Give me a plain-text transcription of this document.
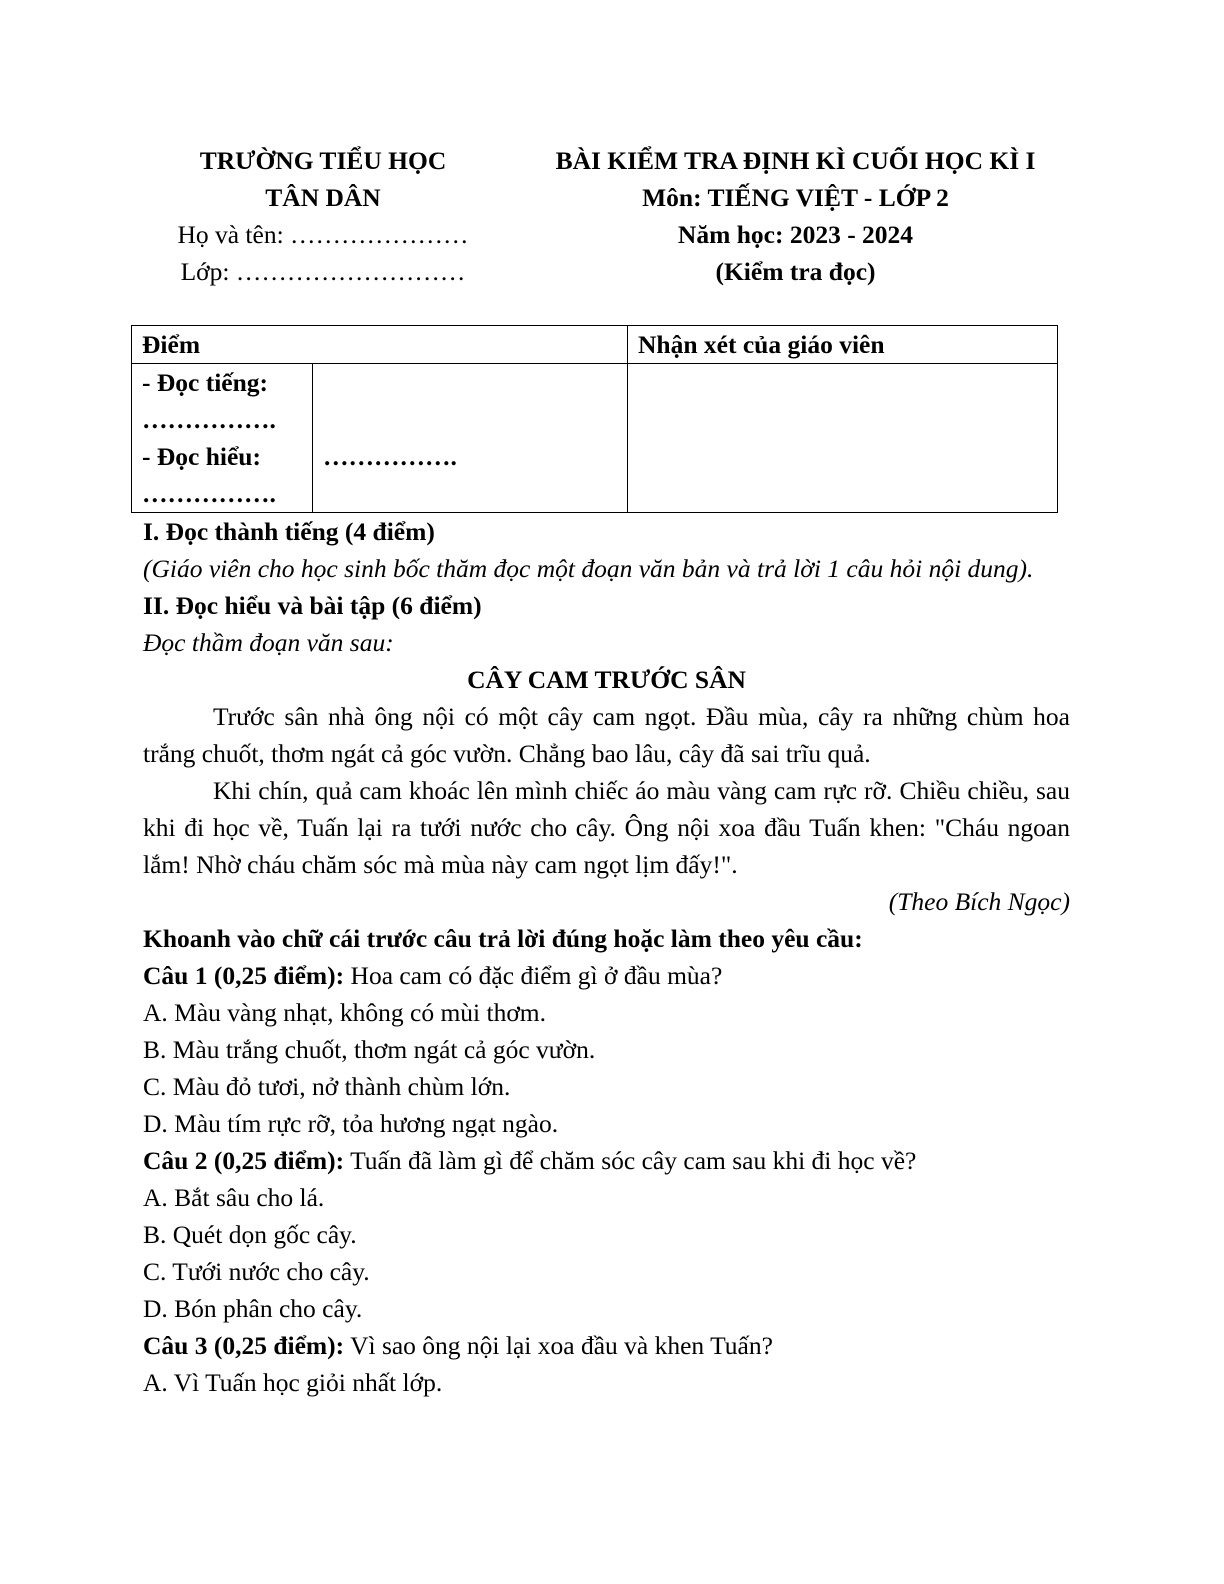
TRƯỜNG TIỂU HỌC
TÂN DÂN
Họ và tên: …………………
Lớp: ………………………
BÀI KIỂM TRA ĐỊNH KÌ CUỐI HỌC KÌ I
Môn: TIẾNG VIỆT - LỚP 2
Năm học: 2023 - 2024
(Kiểm tra đọc)
Điểm		Nhận xét của giáo viên

- Đọc tiếng:
…………….
- Đọc hiểu:
…………….	…………….	

I. Đọc thành tiếng (4 điểm)

(Giáo viên cho học sinh bốc thăm đọc một đoạn văn bản và trả lời 1 câu hỏi nội dung).

II. Đọc hiểu và bài tập (6 điểm)

Đọc thầm đoạn văn sau:

CÂY CAM TRƯỚC SÂN

Trước sân nhà ông nội có một cây cam ngọt. Đầu mùa, cây ra những chùm hoa trắng chuốt, thơm ngát cả góc vườn. Chẳng bao lâu, cây đã sai trĩu quả.

Khi chín, quả cam khoác lên mình chiếc áo màu vàng cam rực rỡ. Chiều chiều, sau khi đi học về, Tuấn lại ra tưới nước cho cây. Ông nội xoa đầu Tuấn khen: "Cháu ngoan lắm! Nhờ cháu chăm sóc mà mùa này cam ngọt lịm đấy!".

(Theo Bích Ngọc)

Khoanh vào chữ cái trước câu trả lời đúng hoặc làm theo yêu cầu:

Câu 1 (0,25 điểm): Hoa cam có đặc điểm gì ở đầu mùa?

A. Màu vàng nhạt, không có mùi thơm.

B. Màu trắng chuốt, thơm ngát cả góc vườn.

C. Màu đỏ tươi, nở thành chùm lớn.

D. Màu tím rực rỡ, tỏa hương ngạt ngào.

Câu 2 (0,25 điểm): Tuấn đã làm gì để chăm sóc cây cam sau khi đi học về?

A. Bắt sâu cho lá.

B. Quét dọn gốc cây.

C. Tưới nước cho cây.

D. Bón phân cho cây.

Câu 3 (0,25 điểm): Vì sao ông nội lại xoa đầu và khen Tuấn?

A. Vì Tuấn học giỏi nhất lớp.
